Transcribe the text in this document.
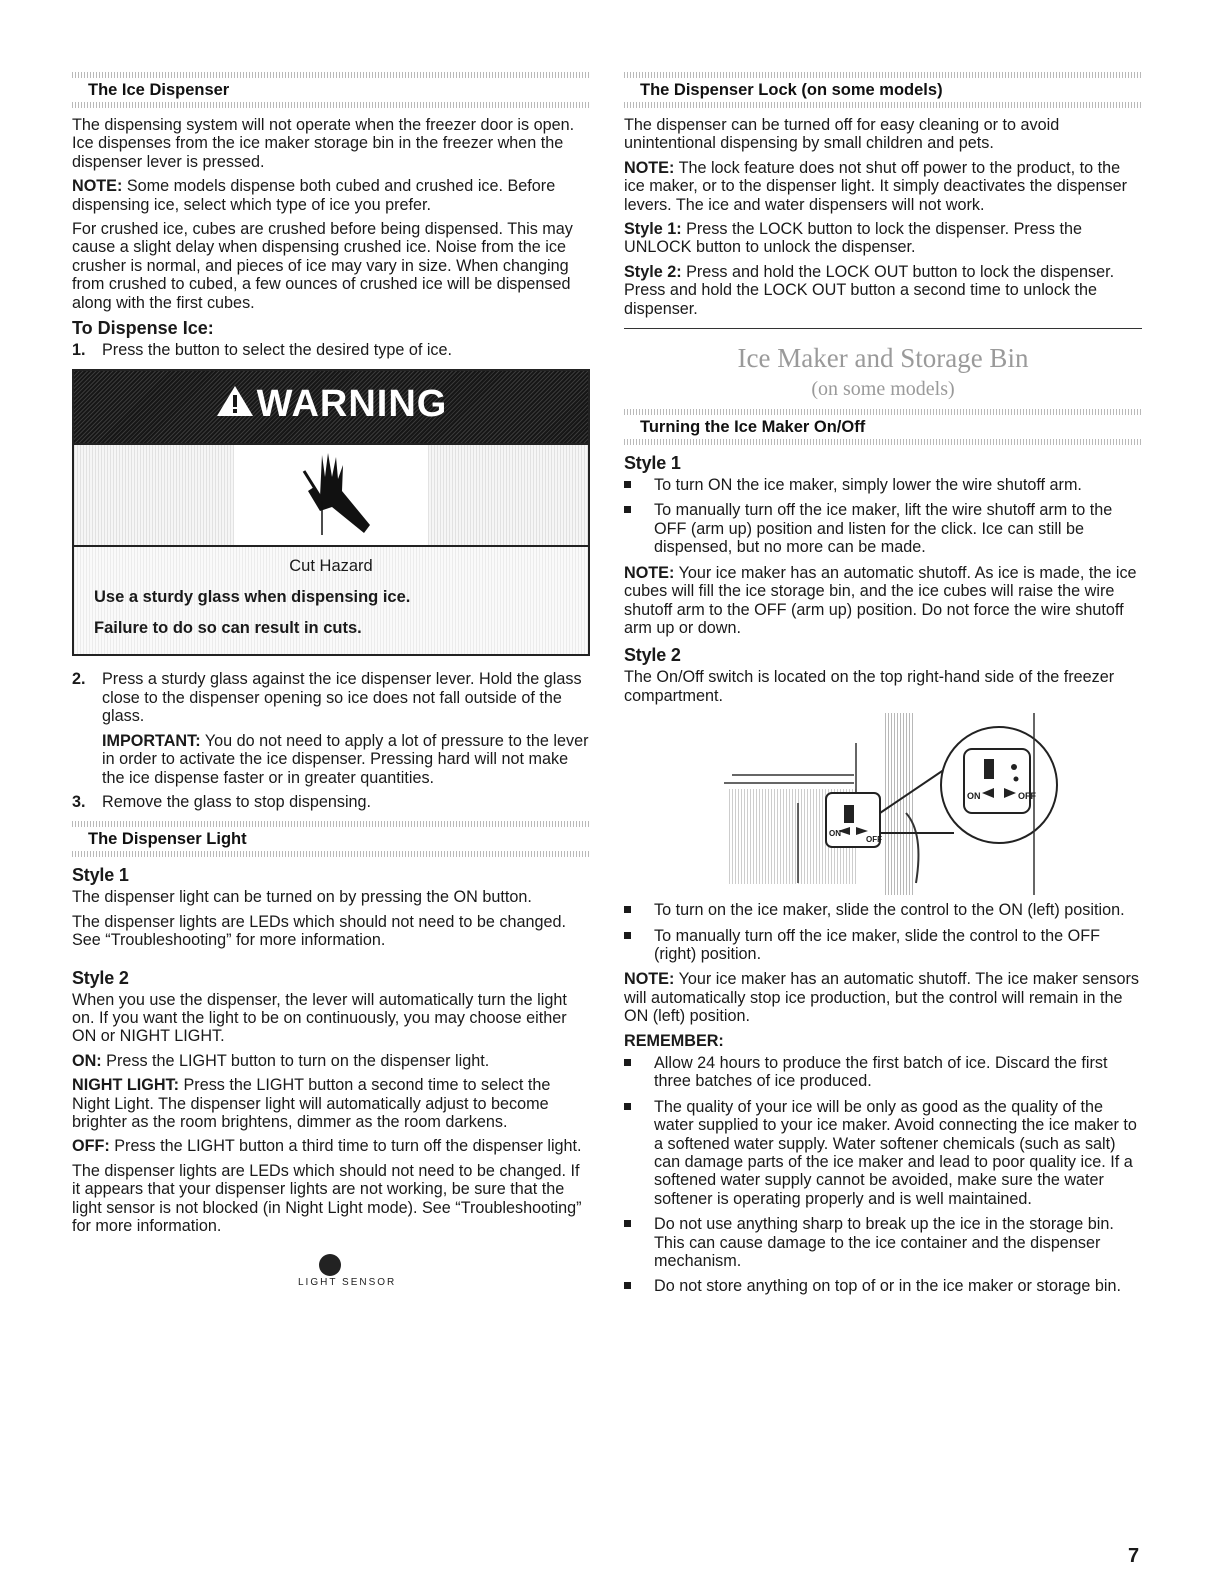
The Ice Dispenser

The dispensing system will not operate when the freezer door is open. Ice dispenses from the ice maker storage bin in the freezer when the dispenser lever is pressed.

NOTE: Some models dispense both cubed and crushed ice. Before dispensing ice, select which type of ice you prefer.

For crushed ice, cubes are crushed before being dispensed. This may cause a slight delay when dispensing crushed ice. Noise from the ice crusher is normal, and pieces of ice may vary in size. When changing from crushed to cubed, a few ounces of crushed ice will be dispensed along with the first cubes.

To Dispense Ice:
1. Press the button to select the desired type of ice.
WARNING
Cut Hazard
Use a sturdy glass when dispensing ice.
Failure to do so can result in cuts.
2. Press a sturdy glass against the ice dispenser lever. Hold the glass close to the dispenser opening so ice does not fall outside of the glass.
IMPORTANT: You do not need to apply a lot of pressure to the lever in order to activate the ice dispenser. Pressing hard will not make the ice dispense faster or in greater quantities.
3. Remove the glass to stop dispensing.
The Dispenser Light
Style 1

The dispenser light can be turned on by pressing the ON button.

The dispenser lights are LEDs which should not need to be changed. See “Troubleshooting” for more information.

Style 2

When you use the dispenser, the lever will automatically turn the light on. If you want the light to be on continuously, you may choose either ON or NIGHT LIGHT.

ON: Press the LIGHT button to turn on the dispenser light.

NIGHT LIGHT: Press the LIGHT button a second time to select the Night Light. The dispenser light will automatically adjust to become brighter as the room brightens, dimmer as the room darkens.

OFF: Press the LIGHT button a third time to turn off the dispenser light.

The dispenser lights are LEDs which should not need to be changed. If it appears that your dispenser lights are not working, be sure that the light sensor is not blocked (in Night Light mode). See “Troubleshooting” for more information.

LIGHT SENSOR
The Dispenser Lock (on some models)

The dispenser can be turned off for easy cleaning or to avoid unintentional dispensing by small children and pets.

NOTE: The lock feature does not shut off power to the product, to the ice maker, or to the dispenser light. It simply deactivates the dispenser levers. The ice and water dispensers will not work.

Style 1: Press the LOCK button to lock the dispenser. Press the UNLOCK button to unlock the dispenser.

Style 2: Press and hold the LOCK OUT button to lock the dispenser. Press and hold the LOCK OUT button a second time to unlock the dispenser.

Ice Maker and Storage Bin
(on some models)
Turning the Ice Maker On/Off
Style 1
To turn ON the ice maker, simply lower the wire shutoff arm.
To manually turn off the ice maker, lift the wire shutoff arm to the OFF (arm up) position and listen for the click. Ice can still be dispensed, but no more can be made.

NOTE: Your ice maker has an automatic shutoff. As ice is made, the ice cubes will fill the ice storage bin, and the ice cubes will raise the wire shutoff arm to the OFF (arm up) position. Do not force the wire shutoff arm up or down.

Style 2

The On/Off switch is located on the top right-hand side of the freezer compartment.

ON
OFF
ON	OFF
To turn on the ice maker, slide the control to the ON (left) position.
To manually turn off the ice maker, slide the control to the OFF (right) position.

NOTE: Your ice maker has an automatic shutoff. The ice maker sensors will automatically stop ice production, but the control will remain in the ON (left) position.

REMEMBER:

Allow 24 hours to produce the first batch of ice. Discard the first three batches of ice produced.
The quality of your ice will be only as good as the quality of the water supplied to your ice maker. Avoid connecting the ice maker to a softened water supply. Water softener chemicals (such as salt) can damage parts of the ice maker and lead to poor quality ice. If a softened water supply cannot be avoided, make sure the water softener is operating properly and is well maintained.
Do not use anything sharp to break up the ice in the storage bin. This can cause damage to the ice container and the dispenser mechanism.
Do not store anything on top of or in the ice maker or storage bin.
7
